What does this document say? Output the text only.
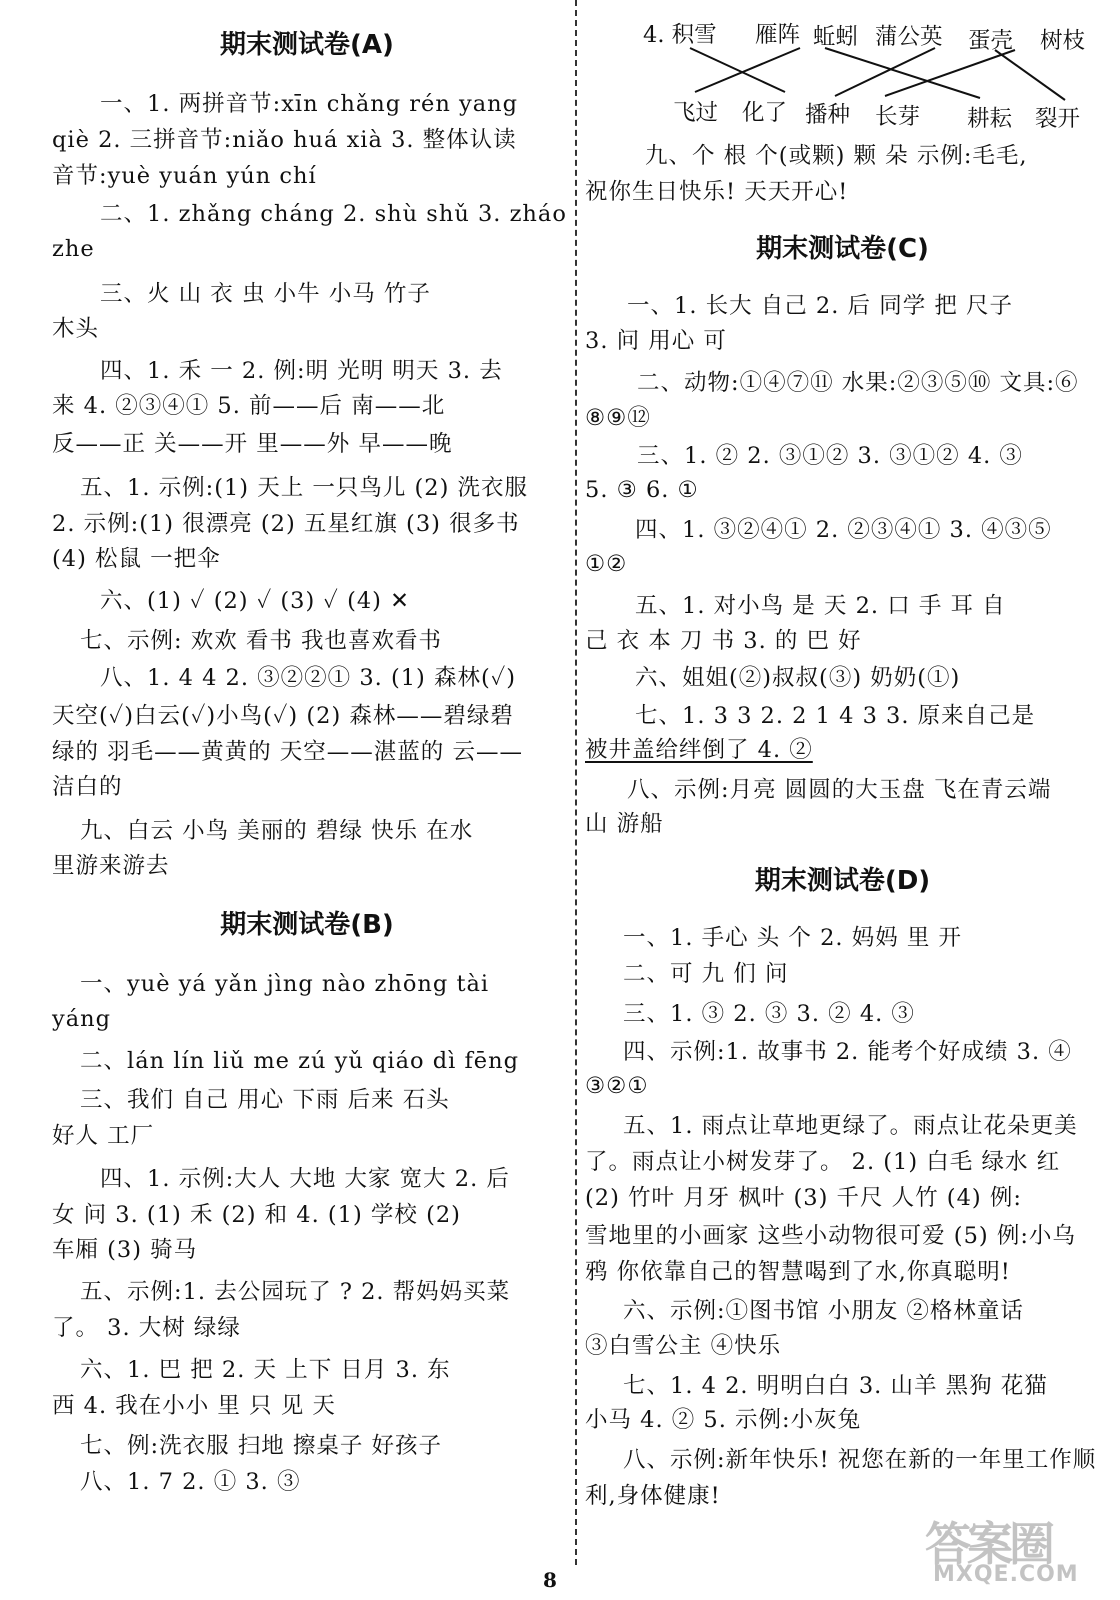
期末测试卷(A)
一、1. 两拼音节:xīn chǎng rén yang
qiè 2. 三拼音节:niǎo huá xià 3. 整体认读
音节:yuè yuán yún chí
二、1. zhǎng cháng 2. shù shǔ 3. zháo
zhe
三、火 山 衣 虫 小牛 小马 竹子
木头
四、1. 禾 一 2. 例:明 光明 明天 3. 去
来 4. ②③④① 5. 前——后 南——北
反——正 关——开 里——外 早——晚
五、1. 示例:(1) 天上 一只鸟儿 (2) 洗衣服
2. 示例:(1) 很漂亮 (2) 五星红旗 (3) 很多书
(4) 松鼠 一把伞
六、(1) ✓ (2) ✓ (3) ✓ (4) ✕
七、示例: 欢欢 看书 我也喜欢看书
八、1. 4 4 2. ③②②① 3. (1) 森林(✓)
天空(✓)白云(✓)小鸟(✓) (2) 森林——碧绿碧
绿的 羽毛——黄黄的 天空——湛蓝的 云——
洁白的
九、白云 小鸟 美丽的 碧绿 快乐 在水
里游来游去
期末测试卷(B)
一、yuè yá yǎn jìng nào zhōng tài
yáng
二、lán lín liǔ me zú yǔ qiáo dì fēng
三、我们 自己 用心 下雨 后来 石头
好人 工厂
四、1. 示例:大人 大地 大家 宽大 2. 后
女 问 3. (1) 禾 (2) 和 4. (1) 学校 (2)
车厢 (3) 骑马
五、示例:1. 去公园玩了 ? 2. 帮妈妈买菜
了。 3. 大树 绿绿
六、1. 巴 把 2. 天 上下 日月 3. 东
西 4. 我在小小 里 只 见 天
七、例:洗衣服 扫地 擦桌子 好孩子
八、1. 7 2. ① 3. ③
4. 积雪 雁阵 蚯蚓 蒲公英 蛋壳 树枝
飞过 化了 播种 长芽 耕耘 裂开
九、个 根 个(或颗) 颗 朵 示例:毛毛,
祝你生日快乐! 天天开心!
期末测试卷(C)
一、1. 长大 自己 2. 后 同学 把 尺子
3. 问 用心 可
二、动物:①④⑦⑪ 水果:②③⑤⑩ 文具:⑥
⑧⑨⑫
三、1. ② 2. ③①② 3. ③①② 4. ③
5. ③ 6. ①
四、1. ③②④① 2. ②③④① 3. ④③⑤
①②
五、1. 对小鸟 是 天 2. 口 手 耳 自
己 衣 本 刀 书 3. 的 巴 好
六、姐姐(②)叔叔(③) 奶奶(①)
七、1. 3 3 2. 2 1 4 3 3. 原来自己是
被井盖给绊倒了 4. ②
八、示例:月亮 圆圆的大玉盘 飞在青云端
山 游船
期末测试卷(D)
一、1. 手心 头 个 2. 妈妈 里 开
二、可 九 们 问
三、1. ③ 2. ③ 3. ② 4. ③
四、示例:1. 故事书 2. 能考个好成绩 3. ④
③②①
五、1. 雨点让草地更绿了。雨点让花朵更美
了。雨点让小树发芽了。 2. (1) 白毛 绿水 红
(2) 竹叶 月牙 枫叶 (3) 千尺 人竹 (4) 例:
雪地里的小画家 这些小动物很可爱 (5) 例:小乌
鸦 你依靠自己的智慧喝到了水,你真聪明!
六、示例:①图书馆 小朋友 ②格林童话
③白雪公主 ④快乐
七、1. 4 2. 明明白白 3. 山羊 黑狗 花猫
小马 4. ② 5. 示例:小灰兔
八、示例:新年快乐! 祝您在新的一年里工作顺
利,身体健康!
8
答案圈
MXQE.COM
